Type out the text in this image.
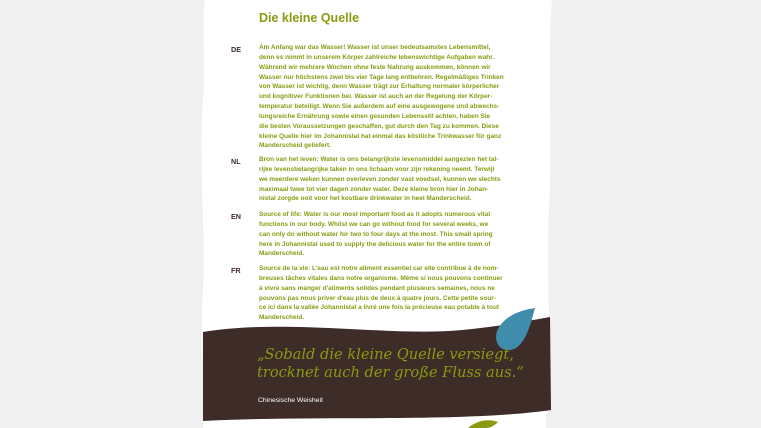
Die kleine Quelle
DE	Am Anfang war das Wasser! Wasser ist unser bedeutsamstes Lebensmittel,
denn es nimmt in unserem Körper zahlreiche lebenswichtige Aufgaben wahr.
Während wir mehrere Wochen ohne feste Nahrung auskommen, können wir
Wasser nur höchstens zwei bis vier Tage lang entbehren. Regelmäßiges Trinken
von Wasser ist wichtig, denn Wasser trägt zur Erhaltung normaler körperlicher
und kognitiver Funktionen bei. Wasser ist auch an der Regelung der Körper-
temperatur beteiligt. Wenn Sie außerdem auf eine ausgewogene und abwechs-
lungsreiche Ernährung sowie einen gesunden Lebensstil achten, haben Sie
die besten Voraussetzungen geschaffen, gut durch den Tag zu kommen. Diese
kleine Quelle hier im Johannistal hat einmal das köstliche Trinkwasser für ganz
Manderscheid geliefert.
NL	Bron van het leven: Water is ons belangrijkste levensmiddel aangezien het tal-
rijke levensbelangrijke taken in ons lichaam voor zijn rekening neemt. Terwijl
we meerdere weken kunnen overleven zonder vast voedsel, kunnen we slechts
maximaal twee tot vier dagen zonder water. Deze kleine bron hier in Johan-
nistal zorgde ooit voor het kostbare drinkwater in heel Manderscheid.
EN	Source of life: Water is our most important food as it adopts numerous vital
functions in our body. Whilst we can go without food for several weeks, we
can only do without water for two to four days at the most. This small spring
here in Johannistal used to supply the delicious water for the entire town of
Manderscheid.
FR	Source de la vie: L'eau est notre aliment essentiel car elle contribue à de nom-
breuses tâches vitales dans notre organisme. Même si nous pouvons continuer
à vivre sans manger d'aliments solides pendant plusieurs semaines, nous ne
pouvons pas nous priver d'eau plus de deux à quatre jours. Cette petite sour-
ce ici dans la vallée Johannistal a livré une fois la précieuse eau potable à tout
Manderscheid.
„Sobald die kleine Quelle versiegt,
trocknet auch der große Fluss aus.“
Chinesische Weisheit
